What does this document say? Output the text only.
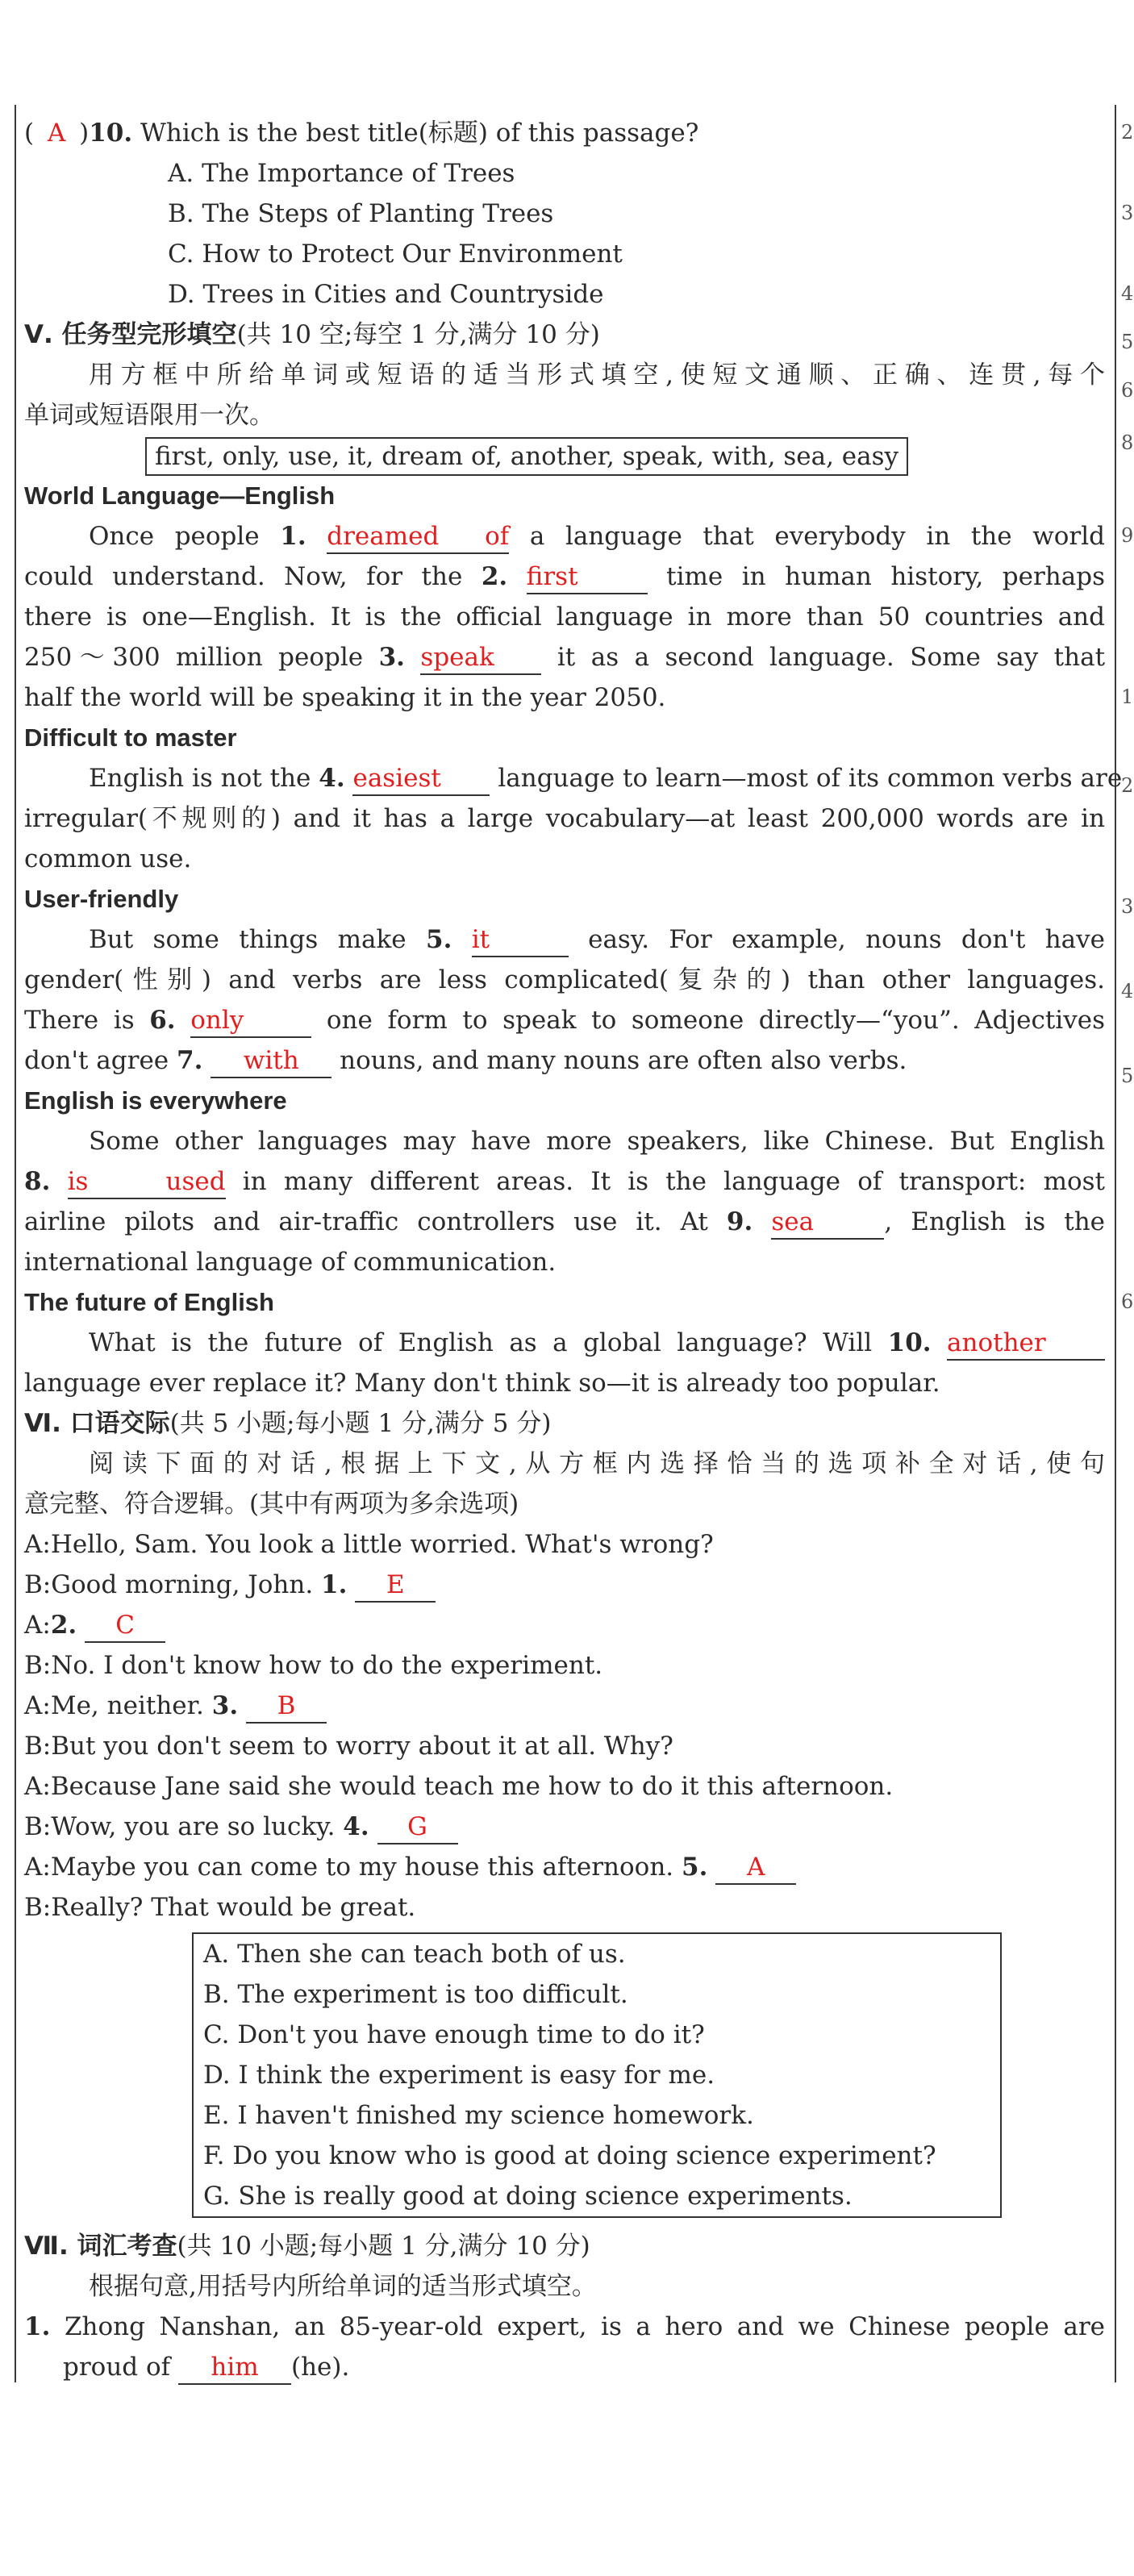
2
3
4
5
6
8
9
1
2
3
4
5
6
( A )10. Which is the best title(标题) of this passage?
A. The Importance of Trees
B. The Steps of Planting Trees
C. How to Protect Our Environment
D. Trees in Cities and Countryside
Ⅴ. 任务型完形填空(共 10 空;每空 1 分,满分 10 分)
用方框中所给单词或短语的适当形式填空,使短文通顺、正确、连贯,每个
单词或短语限用一次。
first, only, use, it, dream of, another, speak, with, sea, easy
World Language—English
Once people 1. dreamed of a language that everybody in the world
could understand. Now, for the 2. first	time in human history, perhaps
there is one—English. It is the official language in more than 50 countries and
250～300 million people 3. speak	it as a second language. Some say that
half the world will be speaking it in the year 2050.
Difficult to master
English is not the 4. easiest language to learn—most of its common verbs are
irregular(不规则的) and it has a large vocabulary—at least 200,000 words are in
common use.
User-friendly
But some things make 5. it	easy. For example, nouns don't have
gender(性别) and verbs are less complicated(复杂的) than other languages.
There is 6. only	one form to speak to someone directly—“you”. Adjectives
don't agree 7. with nouns, and many nouns are often also verbs.
English is everywhere
Some other languages may have more speakers, like Chinese. But English
8. is used in many different areas. It is the language of transport: most
airline pilots and air-traffic controllers use it. At 9. sea	, English is the
international language of communication.
The future of English
What is the future of English as a global language? Will 10. another
language ever replace it? Many don't think so—it is already too popular.
Ⅵ. 口语交际(共 5 小题;每小题 1 分,满分 5 分)
阅读下面的对话,根据上下文,从方框内选择恰当的选项补全对话,使句
意完整、符合逻辑。(其中有两项为多余选项)
A:Hello, Sam. You look a little worried. What's wrong?
B:Good morning, John. 1. E
A:2. C
B:No. I don't know how to do the experiment.
A:Me, neither. 3. B
B:But you don't seem to worry about it at all. Why?
A:Because Jane said she would teach me how to do it this afternoon.
B:Wow, you are so lucky. 4. G
A:Maybe you can come to my house this afternoon. 5. A
B:Really? That would be great.
A. Then she can teach both of us.
B. The experiment is too difficult.
C. Don't you have enough time to do it?
D. I think the experiment is easy for me.
E. I haven't finished my science homework.
F. Do you know who is good at doing science experiment?
G. She is really good at doing science experiments.
Ⅶ. 词汇考查(共 10 小题;每小题 1 分,满分 10 分)
根据句意,用括号内所给单词的适当形式填空。
1. Zhong Nanshan, an 85-year-old expert, is a hero and we Chinese people are
proud of him (he).
